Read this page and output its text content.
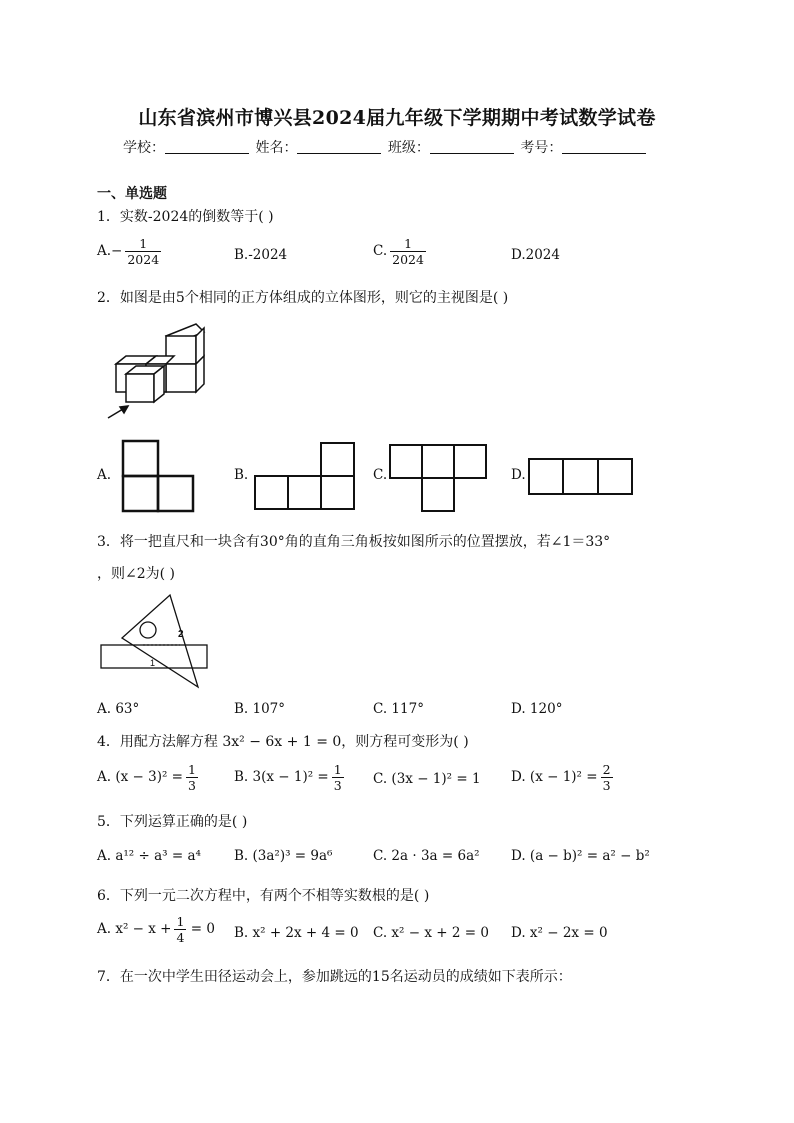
山东省滨州市博兴县2024届九年级下学期期中考试数学试卷
学校：	姓名：	班级：	考号：
一、单选题
1．实数-2024的倒数等于( )
$A.- \frac{1}{2024}$	B.-2024	C. $\frac{1}{2024}$	D.2024
2．如图是由5个相同的正方体组成的立体图形，则它的主视图是( )
A.	B.	C.	D.
3．将一把直尺和一块含有30°角的直角三角板按如图所示的位置摆放，若∠1＝33°
，则∠2为( )
2
1
A. 63°	B. 107°	C. 117°	D. 120°
4．用配方法解方程 3x² − 6x + 1 = 0，则方程可变形为( )
A. $(x - 3)^2 = \frac{1}{3}$	B. $3(x - 1)^2 = \frac{1}{3} C$. (3x − 1)² = 1 D. $(x - 1)^2 = \frac{2}{3}$
5．下列运算正确的是( )
A. a¹² ÷ a³ = a⁴ B. (3a²)³ = 9a⁶	C. 2a · 3a = 6a² D. (a − b)² = a² − b²
6．下列一元二次方程中，有两个不相等实数根的是( )
A. $x^2 - x + \frac{1}{4} = 0$ B. x² + 2x + 4 = 0 C. x² − x + 2 = 0 D. x² − 2x = 0
7．在一次中学生田径运动会上，参加跳远的15名运动员的成绩如下表所示：
